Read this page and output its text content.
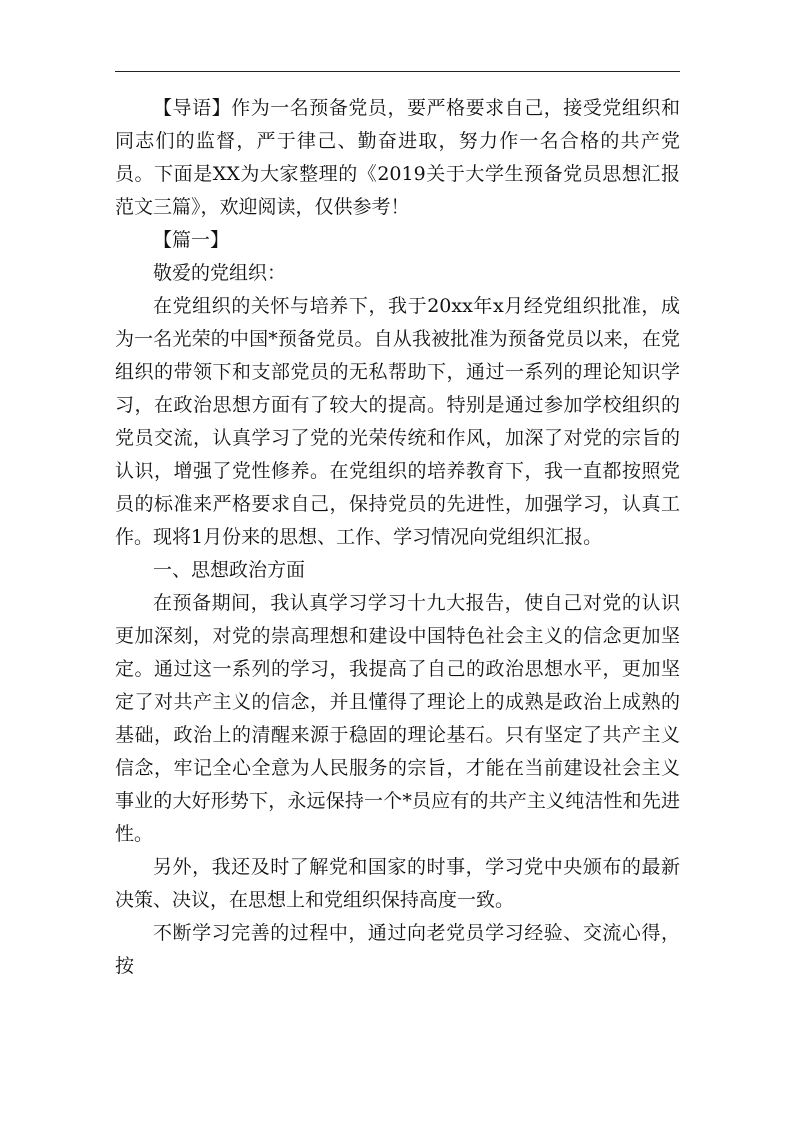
【导语】作为一名预备党员，要严格要求自己，接受党组织和同志们的监督，严于律己、勤奋进取，努力作一名合格的共产党员。下面是XX为大家整理的《2019关于大学生预备党员思想汇报范文三篇》，欢迎阅读，仅供参考！

【篇一】

敬爱的党组织：

在党组织的关怀与培养下，我于20xx年x月经党组织批准，成为一名光荣的中国*预备党员。自从我被批准为预备党员以来，在党组织的带领下和支部党员的无私帮助下，通过一系列的理论知识学习，在政治思想方面有了较大的提高。特别是通过参加学校组织的党员交流，认真学习了党的光荣传统和作风，加深了对党的宗旨的认识，增强了党性修养。在党组织的培养教育下，我一直都按照党员的标准来严格要求自己，保持党员的先进性，加强学习，认真工作。现将1月份来的思想、工作、学习情况向党组织汇报。

一、思想政治方面

在预备期间，我认真学习学习十九大报告，使自己对党的认识更加深刻，对党的崇高理想和建设中国特色社会主义的信念更加坚定。通过这一系列的学习，我提高了自己的政治思想水平，更加坚定了对共产主义的信念，并且懂得了理论上的成熟是政治上成熟的基础，政治上的清醒来源于稳固的理论基石。只有坚定了共产主义信念，牢记全心全意为人民服务的宗旨，才能在当前建设社会主义事业的大好形势下，永远保持一个*员应有的共产主义纯洁性和先进性。

另外，我还及时了解党和国家的时事，学习党中央颁布的最新决策、决议，在思想上和党组织保持高度一致。

不断学习完善的过程中，通过向老党员学习经验、交流心得，按
